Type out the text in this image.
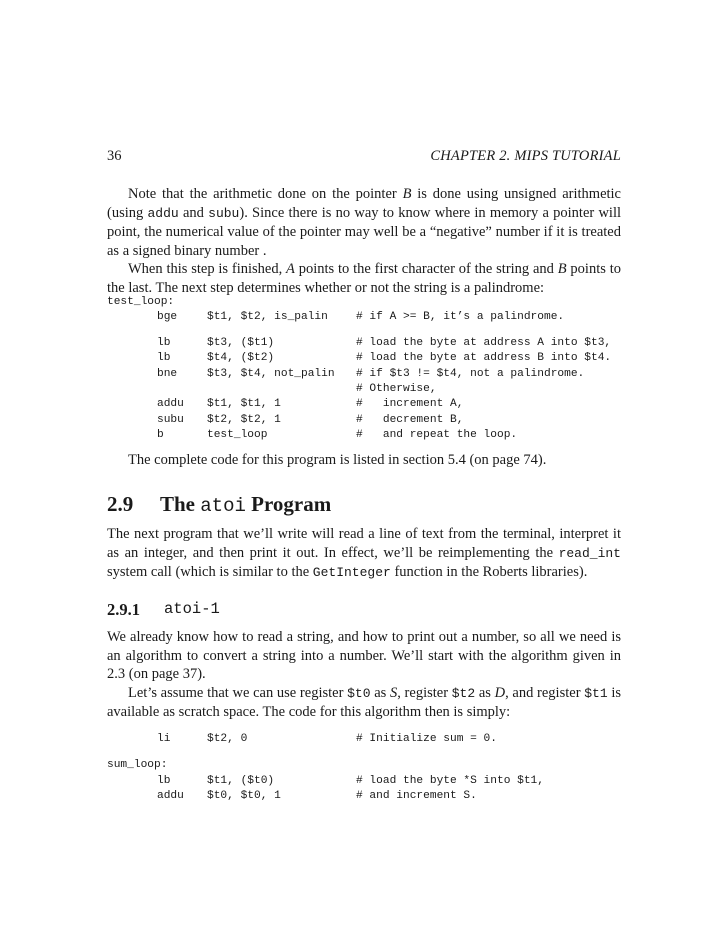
36	CHAPTER 2. MIPS TUTORIAL

Note that the arithmetic done on the pointer B is done using unsigned arithmetic (using addu and subu). Since there is no way to know where in memory a pointer will point, the numerical value of the pointer may well be a “negative” number if it is treated as a signed binary number .

When this step is finished, A points to the first character of the string and B points to the last. The next step determines whether or not the string is a palindrome:

test_loop:
bge	$t1, $t2, is_palin	# if A >= B, it’s a palindrome.
lb	$t3, ($t1)	# load the byte at address A into $t3,
lb	$t4, ($t2)	# load the byte at address B into $t4.
bne	$t3, $t4, not_palin # if $t3 != $t4, not a palindrome.
# Otherwise,
addu $t1, $t1, 1	#   increment A,
subu $t2, $t2, 1	#   decrement B,
b	test_loop	#   and repeat the loop.

The complete code for this program is listed in section 5.4 (on page 74).

2.9 The atoi Program

The next program that we’ll write will read a line of text from the terminal, interpret it as an integer, and then print it out. In effect, we’ll be reimplementing the read_int system call (which is similar to the GetInteger function in the Roberts libraries).

2.9.1 atoi-1

We already know how to read a string, and how to print out a number, so all we need is an algorithm to convert a string into a number. We’ll start with the algorithm given in 2.3 (on page 37).

Let’s assume that we can use register $t0 as S, register $t2 as D, and register $t1 is available as scratch space. The code for this algorithm then is simply:

li	$t2, 0	# Initialize sum = 0.
sum_loop:
lb	$t1, ($t0)	# load the byte *S into $t1,
addu $t0, $t0, 1	# and increment S.
